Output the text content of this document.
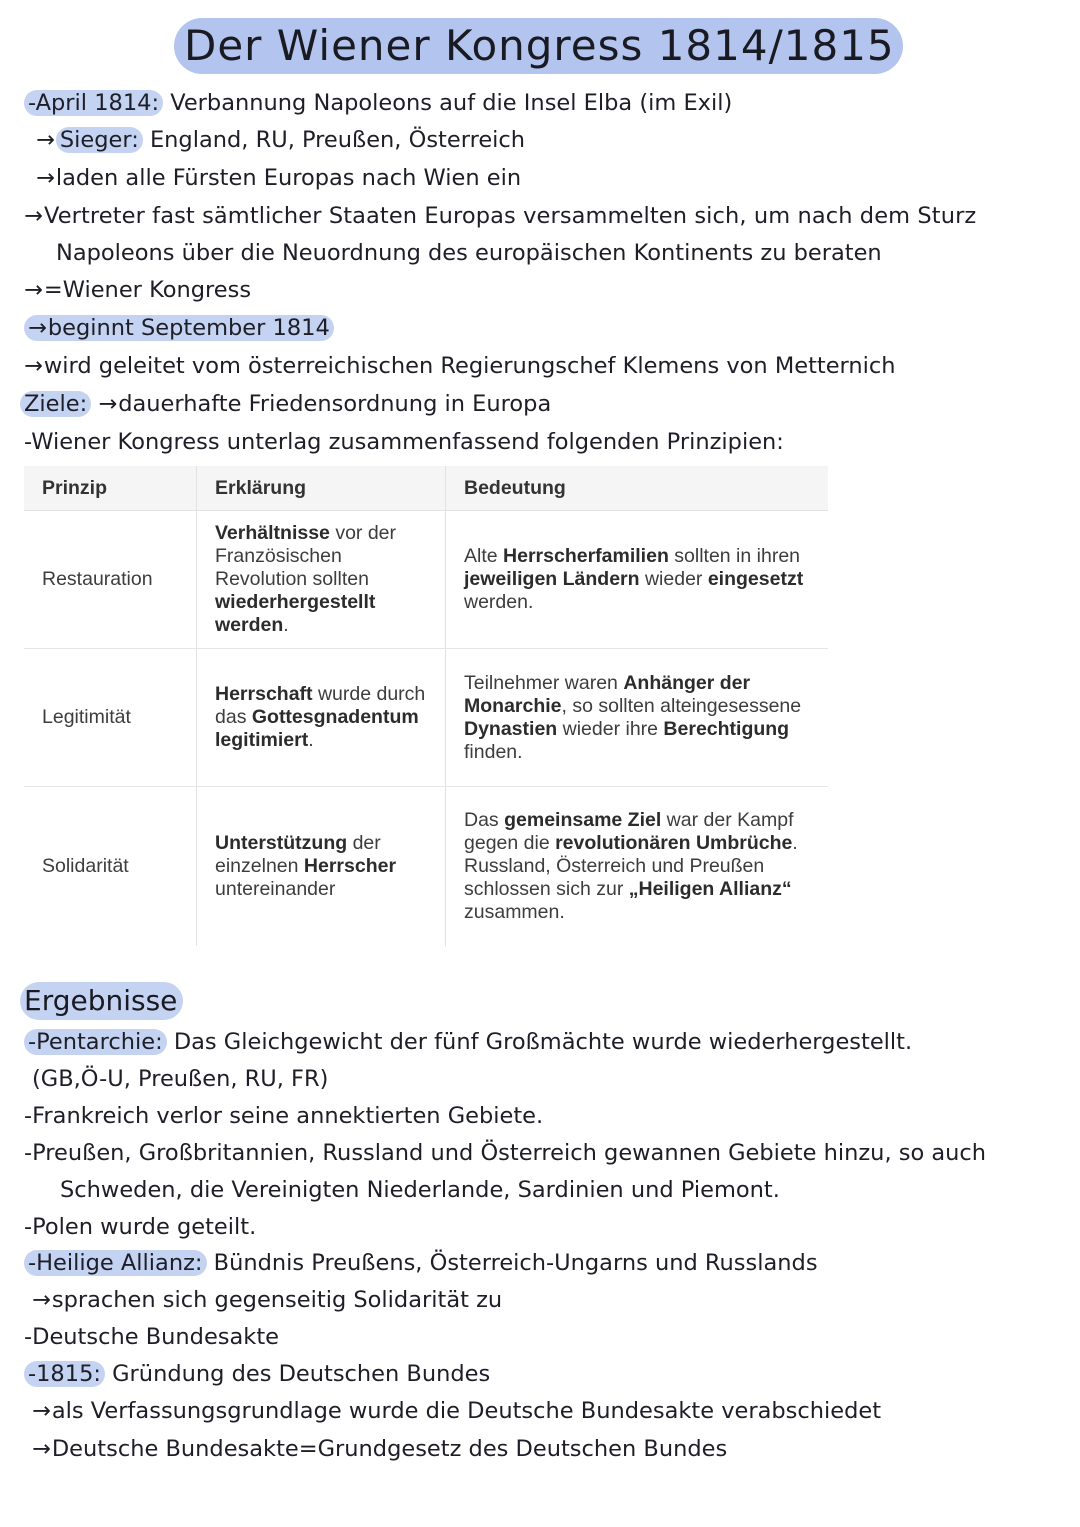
Der Wiener Kongress 1814/1815
-April 1814: Verbannung Napoleons auf die Insel Elba (im Exil)
→ Sieger: England, RU, Preußen, Österreich
→laden alle Fürsten Europas nach Wien ein
→Vertreter fast sämtlicher Staaten Europas versammelten sich, um nach dem Sturz
Napoleons über die Neuordnung des europäischen Kontinents zu beraten
→=Wiener Kongress
→beginnt September 1814
→wird geleitet vom österreichischen Regierungschef Klemens von Metternich
Ziele: →dauerhafte Friedensordnung in Europa
-Wiener Kongress unterlag zusammenfassend folgenden Prinzipien:
Prinzip	Erklärung	Bedeutung
Restauration	Verhältnisse vor der Französischen Revolution sollten wiederhergestellt werden.	Alte Herrscherfamilien sollten in ihren jeweiligen Ländern wieder eingesetzt werden.
Legitimität	Herrschaft wurde durch das Gottesgnadentum legitimiert.	Teilnehmer waren Anhänger der Monarchie, so sollten alteingesessene Dynastien wieder ihre Berechtigung finden.
Solidarität	Unterstützung der einzelnen Herrscher untereinander	Das gemeinsame Ziel war der Kampf gegen die revolutionären Umbrüche. Russland, Österreich und Preußen schlossen sich zur „Heiligen Allianz“ zusammen.
Ergebnisse
-Pentarchie: Das Gleichgewicht der fünf Großmächte wurde wiederhergestellt.
(GB,Ö-U, Preußen, RU, FR)
-Frankreich verlor seine annektierten Gebiete.
-Preußen, Großbritannien, Russland und Österreich gewannen Gebiete hinzu, so auch
Schweden, die Vereinigten Niederlande, Sardinien und Piemont.
-Polen wurde geteilt.
-Heilige Allianz: Bündnis Preußens, Österreich-Ungarns und Russlands
→sprachen sich gegenseitig Solidarität zu
-Deutsche Bundesakte
-1815: Gründung des Deutschen Bundes
→als Verfassungsgrundlage wurde die Deutsche Bundesakte verabschiedet
→Deutsche Bundesakte=Grundgesetz des Deutschen Bundes
